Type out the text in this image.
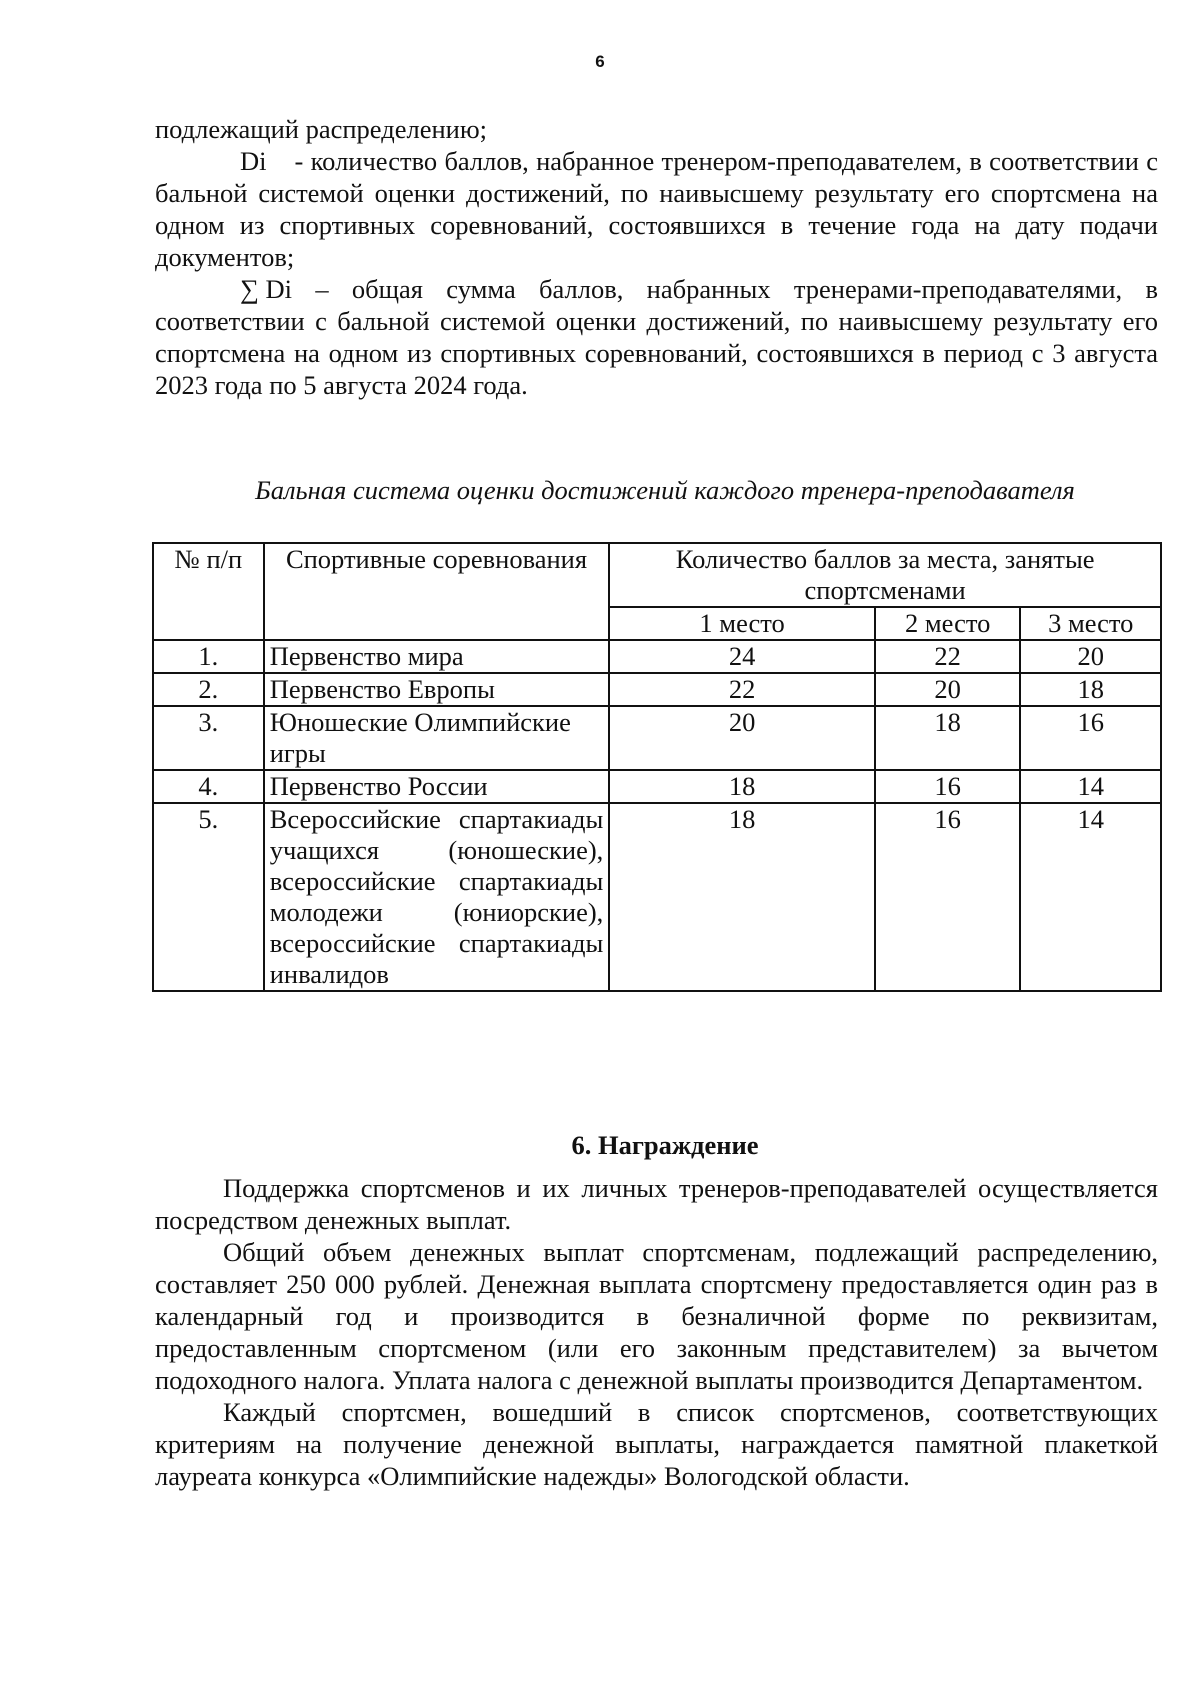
6

подлежащий распределению;

Di - количество баллов, набранное тренером-преподавателем, в соответствии с бальной системой оценки достижений, по наивысшему результату его спортсмена на одном из спортивных соревнований, состоявшихся в течение года на дату подачи документов;

∑ Di – общая сумма баллов, набранных тренерами-преподавателями, в соответствии с бальной системой оценки достижений, по наивысшему результату его спортсмена на одном из спортивных соревнований, состоявшихся в период с 3 августа 2023 года по 5 августа 2024 года.

Бальная система оценки достижений каждого тренера-преподавателя
№ п/п	Спортивные соревнования	Количество баллов за места, занятые спортсменами		
		1 место	2 место	3 место
1.	Первенство мира	24	22	20
2.	Первенство Европы	22	20	18
3.	Юношеские Олимпийские игры	20	18	16
4.	Первенство России	18	16	14
5.	Всероссийские спартакиады учащихся (юношеские), всероссийские спартакиады молодежи (юниорские), всероссийские спартакиады инвалидов	18	16	14
6. Награждение

Поддержка спортсменов и их личных тренеров-преподавателей осуществляется посредством денежных выплат.

Общий объем денежных выплат спортсменам, подлежащий распределению, составляет 250 000 рублей. Денежная выплата спортсмену предоставляется один раз в календарный год и производится в безналичной форме по реквизитам, предоставленным спортсменом (или его законным представителем) за вычетом подоходного налога. Уплата налога с денежной выплаты производится Департаментом.

Каждый спортсмен, вошедший в список спортсменов, соответствующих критериям на получение денежной выплаты, награждается памятной плакеткой лауреата конкурса «Олимпийские надежды» Вологодской области.
